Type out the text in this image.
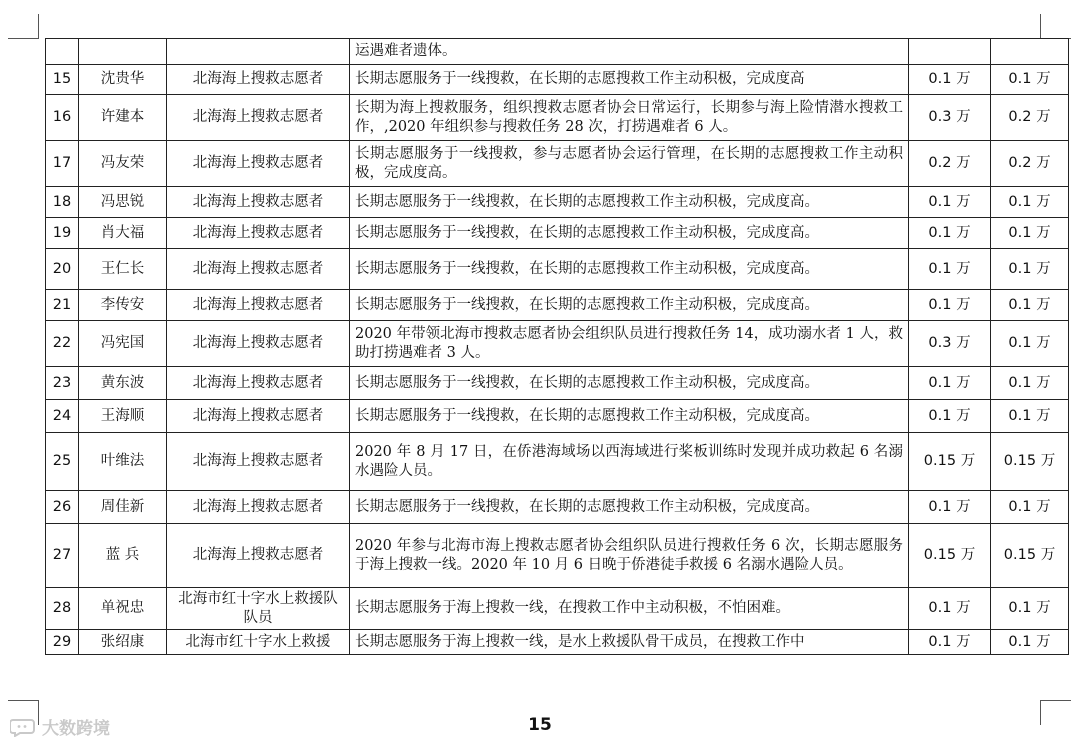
			运遇难者遗体。		
15	沈贵华	北海海上搜救志愿者	长期志愿服务于一线搜救，在长期的志愿搜救工作主动积极，完成度高	0.1 万	0.1 万
16	许建本	北海海上搜救志愿者	长期为海上搜救服务，组织搜救志愿者协会日常运行，长期参与海上险情潜水搜救工作，,2020 年组织参与搜救任务 28 次，打捞遇难者 6 人。	0.3 万	0.2 万
17	冯友荣	北海海上搜救志愿者	长期志愿服务于一线搜救，参与志愿者协会运行管理，在长期的志愿搜救工作主动积极，完成度高。	0.2 万	0.2 万
18	冯思锐	北海海上搜救志愿者	长期志愿服务于一线搜救，在长期的志愿搜救工作主动积极，完成度高。	0.1 万	0.1 万
19	肖大福	北海海上搜救志愿者	长期志愿服务于一线搜救，在长期的志愿搜救工作主动积极，完成度高。	0.1 万	0.1 万
20	王仁长	北海海上搜救志愿者	长期志愿服务于一线搜救，在长期的志愿搜救工作主动积极，完成度高。	0.1 万	0.1 万
21	李传安	北海海上搜救志愿者	长期志愿服务于一线搜救，在长期的志愿搜救工作主动积极，完成度高。	0.1 万	0.1 万
22	冯宪国	北海海上搜救志愿者	2020 年带领北海市搜救志愿者协会组织队员进行搜救任务 14，成功溺水者 1 人，救助打捞遇难者 3 人。	0.3 万	0.1 万
23	黄东波	北海海上搜救志愿者	长期志愿服务于一线搜救，在长期的志愿搜救工作主动积极，完成度高。	0.1 万	0.1 万
24	王海顺	北海海上搜救志愿者	长期志愿服务于一线搜救，在长期的志愿搜救工作主动积极，完成度高。	0.1 万	0.1 万
25	叶维法	北海海上搜救志愿者	2020 年 8 月 17 日，在侨港海域场以西海域进行桨板训练时发现并成功救起 6 名溺水遇险人员。	0.15 万	0.15 万
26	周佳新	北海海上搜救志愿者	长期志愿服务于一线搜救，在长期的志愿搜救工作主动积极，完成度高。	0.1 万	0.1 万
27	蓝 兵	北海海上搜救志愿者	2020 年参与北海市海上搜救志愿者协会组织队员进行搜救任务 6 次，长期志愿服务于海上搜救一线。2020 年 10 月 6 日晚于侨港徒手救援 6 名溺水遇险人员。	0.15 万	0.15 万
28	单祝忠	北海市红十字水上救援队队员	长期志愿服务于海上搜救一线，在搜救工作中主动积极，不怕困难。	0.1 万	0.1 万
29	张绍康	北海市红十字水上救援	长期志愿服务于海上搜救一线，是水上救援队骨干成员，在搜救工作中	0.1 万	0.1 万
15
大数跨境
